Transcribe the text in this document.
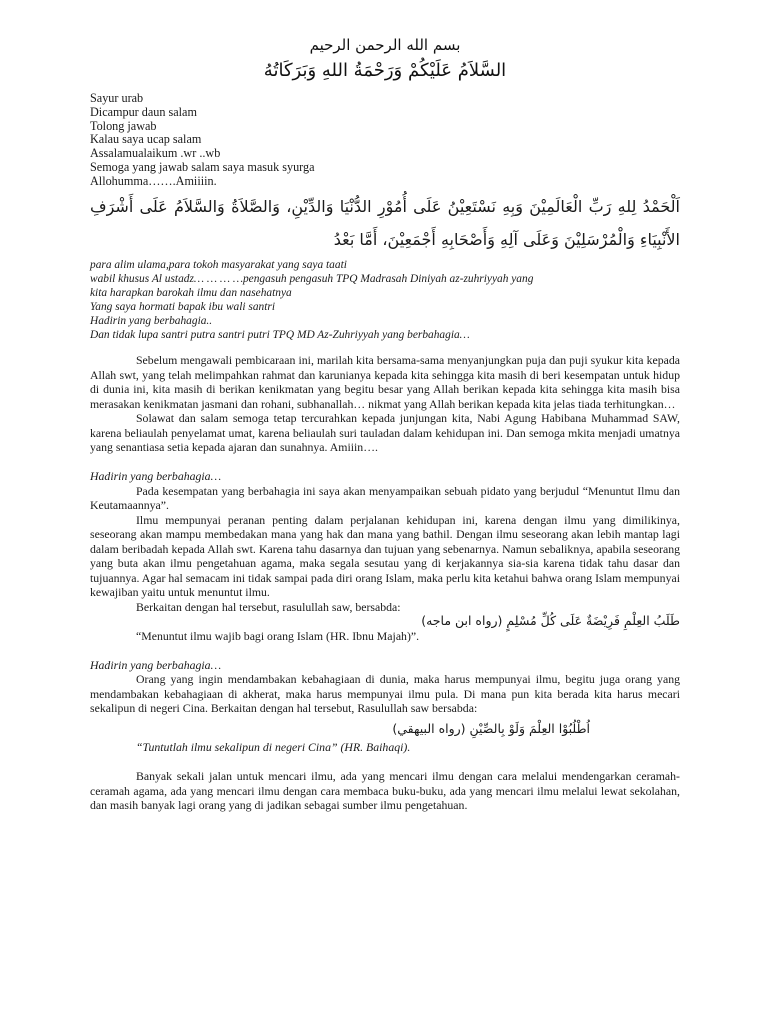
بسم الله الرحمن الرحيم
السَّلاَمُ عَلَيْكُمْ وَرَحْمَةُ اللهِ وَبَرَكَاتُهُ
Sayur urab
Dicampur daun salam
Tolong jawab
Kalau saya ucap salam
Assalamualaikum .wr ..wb
Semoga yang jawab salam saya masuk syurga
Allohumma…….Amiiiin.
اَلْحَمْدُ لِلهِ رَبِّ الْعَالَمِيْنَ وَبِهِ نَسْتَعِيْنُ عَلَى أُمُوْرِ الدُّنْيَا وَالدِّيْنِ، وَالصَّلاَةُ وَالسَّلاَمُ عَلَى أَشْرَفِ الأَنْبِيَاءِ وَالْمُرْسَلِيْنَ وَعَلَى آلِهِ وَأَصْحَابِهِ أَجْمَعِيْنَ، أَمَّا بَعْدُ
para alim ulama,para tokoh masyarakat yang saya taati
wabil khusus Al ustadz… … … …pengasuh pengasuh TPQ Madrasah Diniyah az-zuhriyyah yang
kita harapkan barokah ilmu dan nasehatnya
Yang saya hormati bapak ibu wali santri
Hadirin yang berbahagia..
Dan tidak lupa santri putra santri putri TPQ MD Az-Zuhriyyah yang berbahagia…

Sebelum mengawali pembicaraan ini, marilah kita bersama-sama menyanjungkan puja dan puji syukur kita kepada Allah swt, yang telah melimpahkan rahmat dan karunianya kepada kita sehingga kita masih di beri kesempatan untuk hidup di dunia ini, kita masih di berikan kenikmatan yang begitu besar yang Allah berikan kepada kita sehingga kita masih bisa merasakan kenikmatan jasmani dan rohani, subhanallah… nikmat yang Allah berikan kepada kita jelas tiada terhitungkan…

Solawat dan salam semoga tetap tercurahkan kepada junjungan kita, Nabi Agung Habibana Muhammad SAW, karena beliaulah penyelamat umat, karena beliaulah suri tauladan dalam kehidupan ini. Dan semoga mkita menjadi umatnya yang senantiasa setia kepada ajaran dan sunahnya. Amiiin….

Hadirin yang berbahagia…

Pada kesempatan yang berbahagia ini saya akan menyampaikan sebuah pidato yang berjudul “Menuntut Ilmu dan Keutamaannya”.

Ilmu mempunyai peranan penting dalam perjalanan kehidupan ini, karena dengan ilmu yang dimilikinya, seseorang akan mampu membedakan mana yang hak dan mana yang bathil. Dengan ilmu seseorang akan lebih mantap lagi dalam beribadah kepada Allah swt. Karena tahu dasarnya dan tujuan yang sebenarnya. Namun sebaliknya, apabila seseorang yang buta akan ilmu pengetahuan agama, maka segala sesutau yang di kerjakannya sia-sia karena tidak tahu dasar dan tujuannya. Agar hal semacam ini tidak sampai pada diri orang Islam, maka perlu kita ketahui bahwa orang Islam mempunyai kewajiban yaitu untuk menuntut ilmu.

Berkaitan dengan hal tersebut, rasulullah saw, bersabda:

طَلَبُ العِلْمِ فَرِيْضَةٌ عَلَى كُلِّ مُسْلِمٍ (رواه ابن ماجه)

“Menuntut ilmu wajib bagi orang Islam (HR. Ibnu Majah)”.

Hadirin yang berbahagia…

Orang yang ingin mendambakan kebahagiaan di dunia, maka harus mempunyai ilmu, begitu juga orang yang mendambakan kebahagiaan di akherat, maka harus mempunyai ilmu pula. Di mana pun kita berada kita harus mecari sekalipun di negeri Cina. Berkaitan dengan hal tersebut, Rasulullah saw bersabda:

اُطْلُبُوْا العِلْمَ وَلَوْ بِالصِّيْنِ (رواه البيهقي)

“Tuntutlah ilmu sekalipun di negeri Cina” (HR. Baihaqi).

Banyak sekali jalan untuk mencari ilmu, ada yang mencari ilmu dengan cara melalui mendengarkan ceramah-ceramah agama, ada yang mencari ilmu dengan cara membaca buku-buku, ada yang mencari ilmu melalui lewat sekolahan, dan masih banyak lagi orang yang di jadikan sebagai sumber ilmu pengetahuan.
